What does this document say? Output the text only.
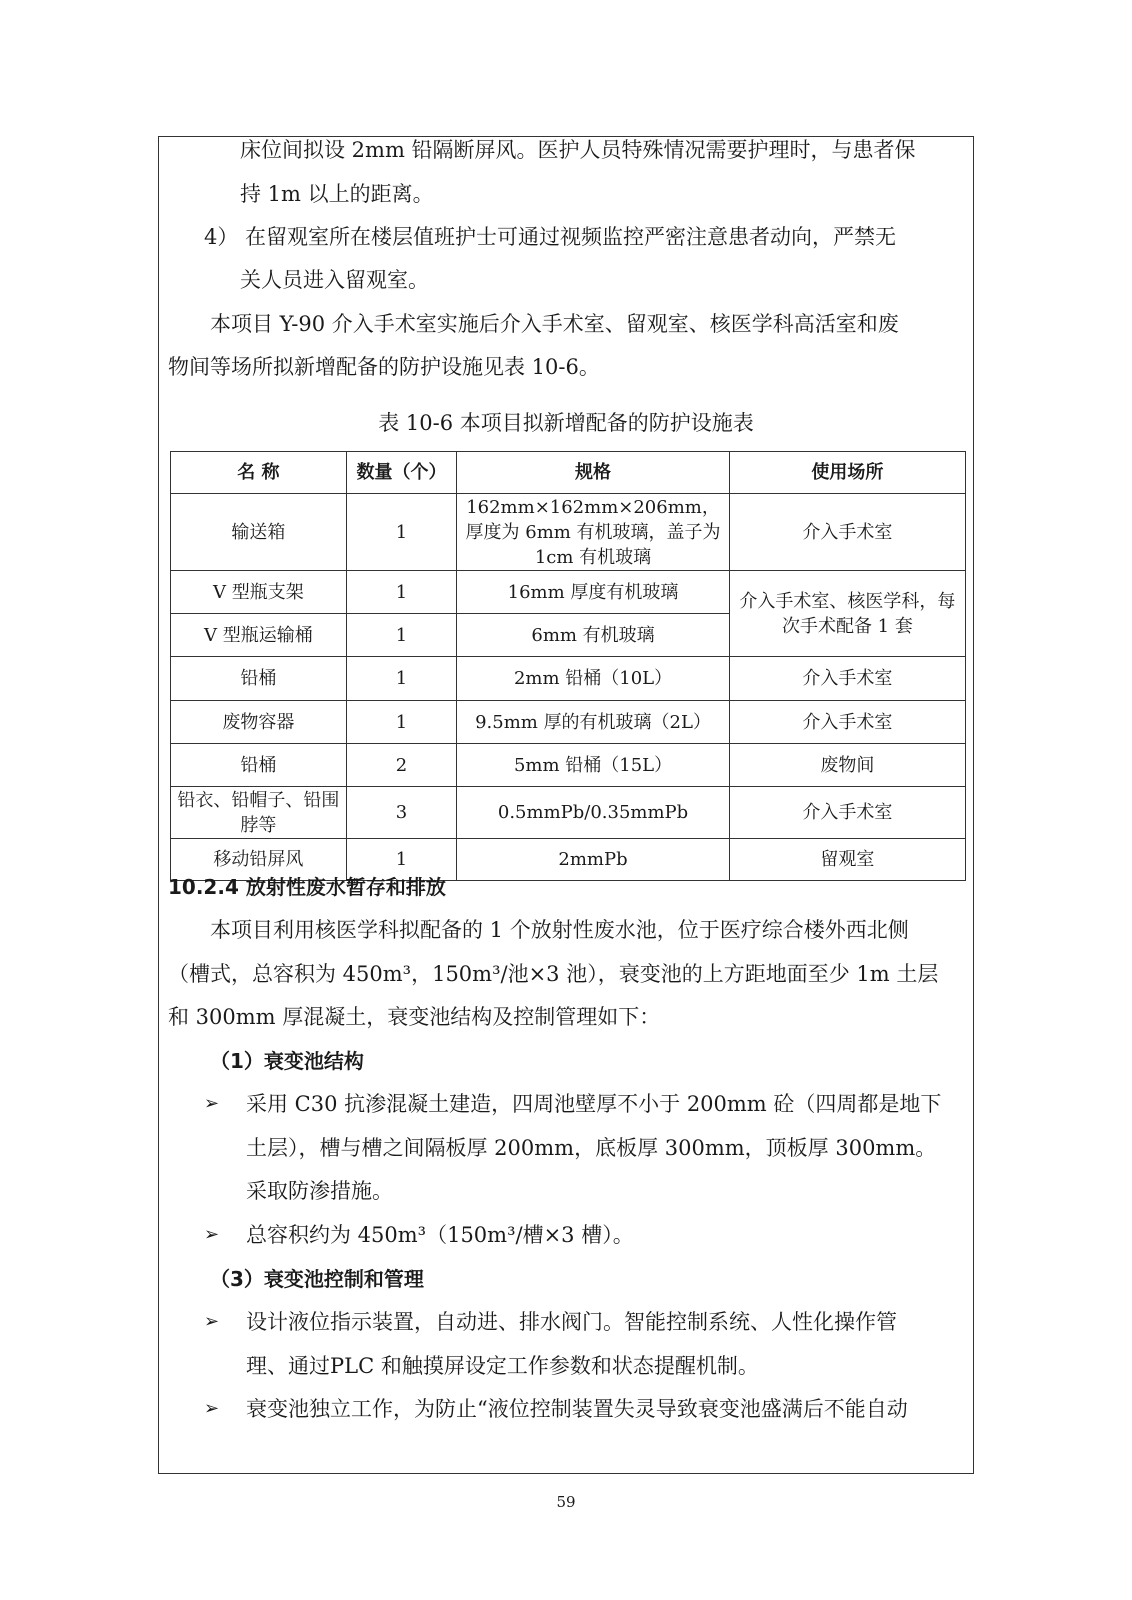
床位间拟设 2mm 铅隔断屏风。医护人员特殊情况需要护理时，与患者保
持 1m 以上的距离。
4） 在留观室所在楼层值班护士可通过视频监控严密注意患者动向，严禁无
关人员进入留观室。
本项目 Y-90 介入手术室实施后介入手术室、留观室、核医学科高活室和废
物间等场所拟新增配备的防护设施见表 10-6。
表 10-6 本项目拟新增配备的防护设施表
名 称	数量（个）	规格	使用场所
输送箱	1	162mm×162mm×206mm，厚度为 6mm 有机玻璃，盖子为 1cm 有机玻璃	介入手术室
V 型瓶支架	1	16mm 厚度有机玻璃	介入手术室、核医学科，每次手术配备 1 套
V 型瓶运输桶	1	6mm 有机玻璃	
铅桶	1	2mm 铅桶（10L）	介入手术室
废物容器	1	9.5mm 厚的有机玻璃（2L）	介入手术室
铅桶	2	5mm 铅桶（15L）	废物间
铅衣、铅帽子、铅围脖等	3	0.5mmPb/0.35mmPb	介入手术室
移动铅屏风	1	2mmPb	留观室
10.2.4 放射性废水暂存和排放
本项目利用核医学科拟配备的 1 个放射性废水池，位于医疗综合楼外西北侧
（槽式，总容积为 450m³，150m³/池×3 池），衰变池的上方距地面至少 1m 土层
和 300mm 厚混凝土，衰变池结构及控制管理如下：
（1）衰变池结构
➢ 采用 C30 抗渗混凝土建造，四周池壁厚不小于 200mm 砼（四周都是地下
土层），槽与槽之间隔板厚 200mm，底板厚 300mm，顶板厚 300mm。
采取防渗措施。
➢ 总容积约为 450m³（150m³/槽×3 槽）。
（3）衰变池控制和管理
➢ 设计液位指示装置，自动进、排水阀门。智能控制系统、人性化操作管
理、通过PLC 和触摸屏设定工作参数和状态提醒机制。
➢ 衰变池独立工作，为防止“液位控制装置失灵导致衰变池盛满后不能自动
59
